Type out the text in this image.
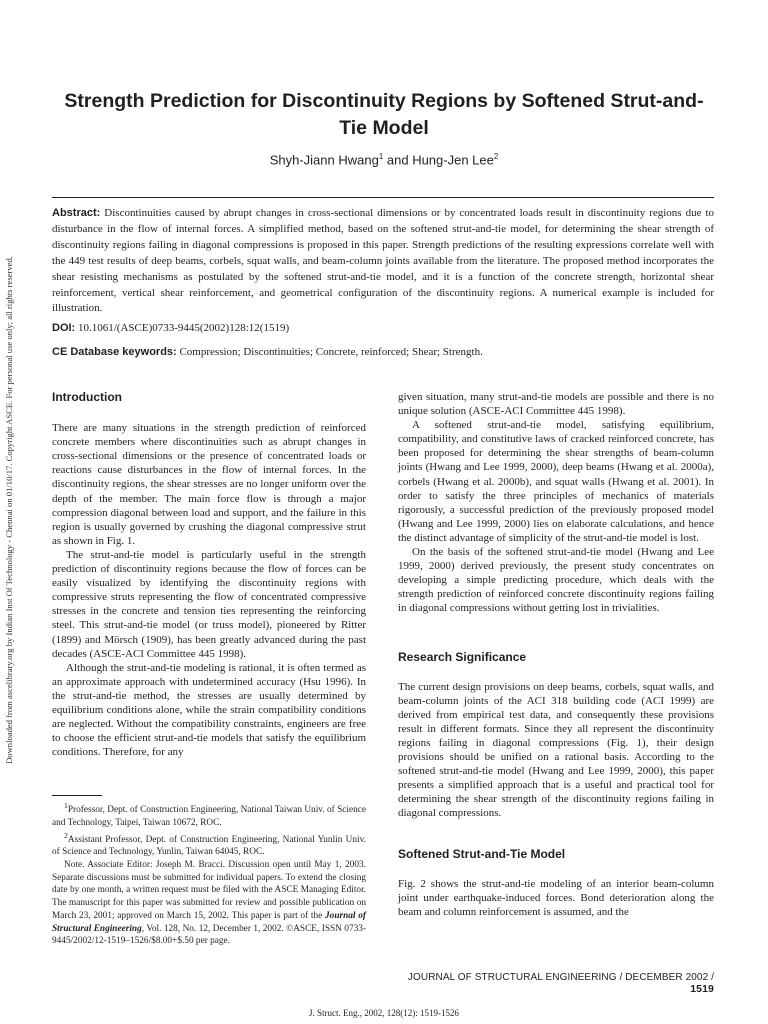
Downloaded from ascelibrary.org by Indian Inst Of Technology - Chennai on 01/10/17. Copyright ASCE. For personal use only; all rights reserved.
Strength Prediction for Discontinuity Regions by Softened Strut-and-Tie Model
Shyh-Jiann Hwang$^1$ and Hung-Jen Lee$^2$

Abstract: Discontinuities caused by abrupt changes in cross-sectional dimensions or by concentrated loads result in discontinuity regions due to disturbance in the flow of internal forces. A simplified method, based on the softened strut-and-tie model, for determining the shear strength of discontinuity regions failing in diagonal compressions is proposed in this paper. Strength predictions of the resulting expressions correlate well with the 449 test results of deep beams, corbels, squat walls, and beam-column joints available from the literature. The proposed method incorporates the shear resisting mechanisms as postulated by the softened strut-and-tie model, and it is a function of the concrete strength, horizontal shear reinforcement, vertical shear reinforcement, and geometrical configuration of the discontinuity regions. A numerical example is included for illustration.

DOI: 10.1061/(ASCE)0733-9445(2002)128:12(1519)
CE Database keywords: Compression; Discontinuities; Concrete, reinforced; Shear; Strength.
Introduction

There are many situations in the strength prediction of reinforced concrete members where discontinuities such as abrupt changes in cross-sectional dimensions or the presence of concentrated loads or reactions cause disturbances in the flow of internal forces. In the discontinuity regions, the shear stresses are no longer uniform over the depth of the member. The main force flow is through a major compression diagonal between load and support, and the failure in this region is usually governed by crushing the diagonal compressive strut as shown in Fig. 1.

The strut-and-tie model is particularly useful in the strength prediction of discontinuity regions because the flow of forces can be easily visualized by identifying the discontinuity regions with compressive struts representing the flow of concentrated compressive stresses in the concrete and tension ties representing the reinforcing steel. This strut-and-tie model (or truss model), pioneered by Ritter (1899) and Mörsch (1909), has been greatly advanced during the past decades (ASCE-ACI Committee 445 1998).

Although the strut-and-tie modeling is rational, it is often termed as an approximate approach with undetermined accuracy (Hsu 1996). In the strut-and-tie method, the stresses are usually determined by equilibrium conditions alone, while the strain compatibility conditions are neglected. Without the compatibility constraints, engineers are free to choose the efficient strut-and-tie models that satisfy the equilibrium conditions. Therefore, for any

$^1$Professor, Dept. of Construction Engineering, National Taiwan Univ. of Science and Technology, Taipei, Taiwan 10672, ROC.

$^2$Assistant Professor, Dept. of Construction Engineering, National Yunlin Univ. of Science and Technology, Yunlin, Taiwan 64045, ROC.

Note. Associate Editor: Joseph M. Bracci. Discussion open until May 1, 2003. Separate discussions must be submitted for individual papers. To extend the closing date by one month, a written request must be filed with the ASCE Managing Editor. The manuscript for this paper was submitted for review and possible publication on March 23, 2001; approved on March 15, 2002. This paper is part of the Journal of Structural Engineering, Vol. 128, No. 12, December 1, 2002. ©ASCE, ISSN 0733-9445/2002/12-1519–1526/$8.00+$.50 per page.

given situation, many strut-and-tie models are possible and there is no unique solution (ASCE-ACI Committee 445 1998).

A softened strut-and-tie model, satisfying equilibrium, compatibility, and constitutive laws of cracked reinforced concrete, has been proposed for determining the shear strengths of beam-column joints (Hwang and Lee 1999, 2000), deep beams (Hwang et al. 2000a), corbels (Hwang et al. 2000b), and squat walls (Hwang et al. 2001). In order to satisfy the three principles of mechanics of materials rigorously, a successful prediction of the previously proposed model (Hwang and Lee 1999, 2000) lies on elaborate calculations, and hence the distinct advantage of simplicity of the strut-and-tie model is lost.

On the basis of the softened strut-and-tie model (Hwang and Lee 1999, 2000) derived previously, the present study concentrates on developing a simple predicting procedure, which deals with the strength prediction of reinforced concrete discontinuity regions failing in diagonal compressions without getting lost in trivialities.

Research Significance

The current design provisions on deep beams, corbels, squat walls, and beam-column joints of the ACI 318 building code (ACI 1999) are derived from empirical test data, and consequently these provisions result in different formats. Since they all represent the discontinuity regions failing in diagonal compressions (Fig. 1), their design provisions should be unified on a rational basis. According to the softened strut-and-tie model (Hwang and Lee 1999, 2000), this paper presents a simplified approach that is a useful and practical tool for determining the shear strength of the discontinuity regions failing in diagonal compressions.

Softened Strut-and-Tie Model

Fig. 2 shows the strut-and-tie modeling of an interior beam-column joint under earthquake-induced forces. Bond deterioration along the beam and column reinforcement is assumed, and the

JOURNAL OF STRUCTURAL ENGINEERING / DECEMBER 2002 / 1519
J. Struct. Eng., 2002, 128(12): 1519-1526
